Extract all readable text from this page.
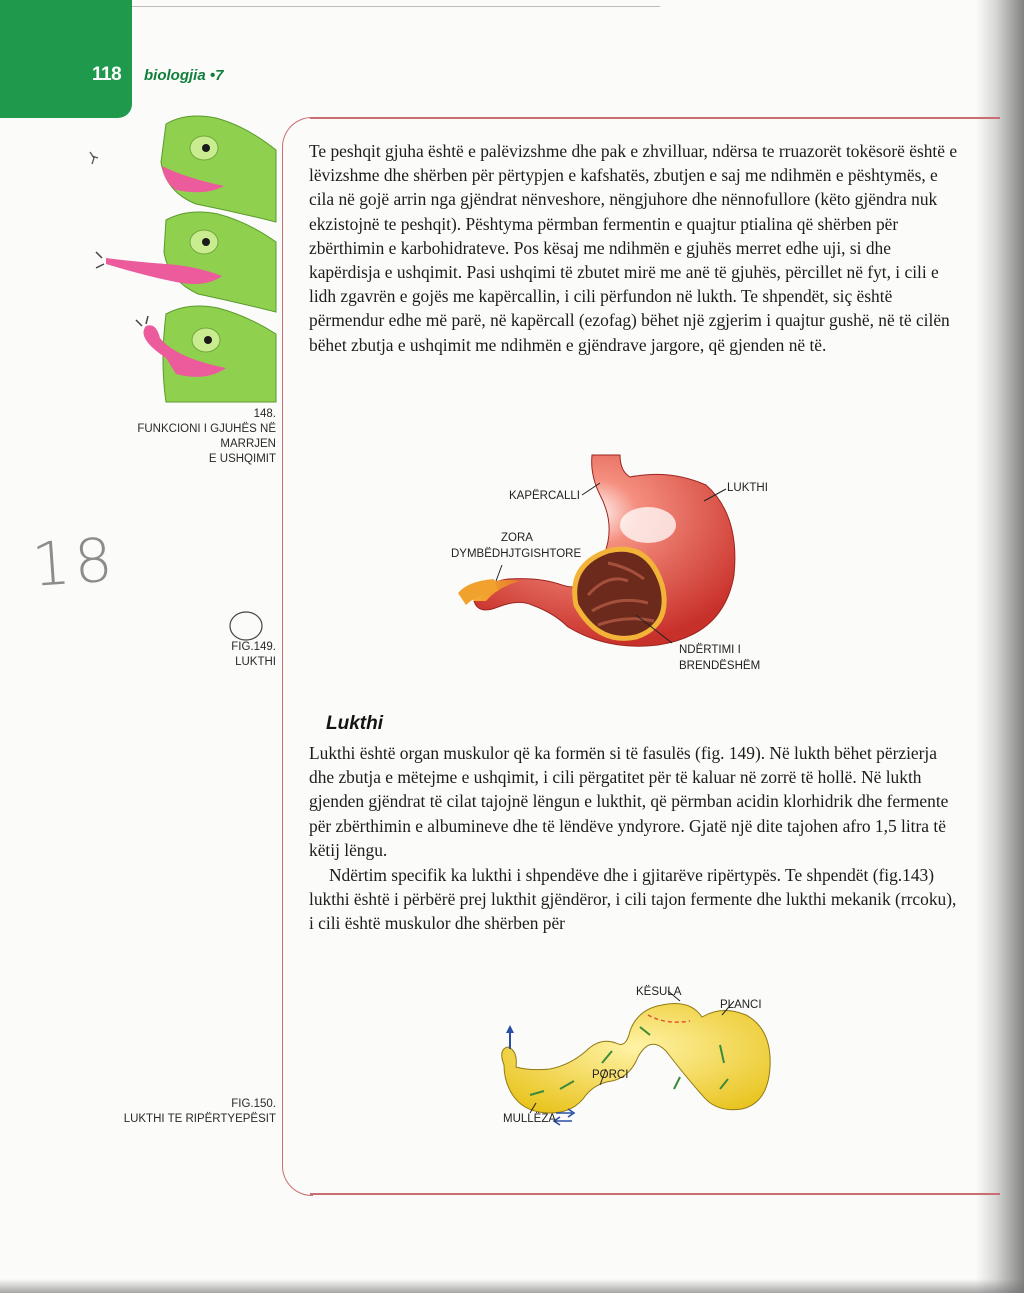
118 biologjia •7
148.
FUNKCIONI I GJUHËS NË
MARRJEN
E USHQIMIT
18
FIG.149.
LUKTHI
FIG.150.
LUKTHI TE RIPËRTYEPËSIT

Te peshqit gjuha është e palëvizshme dhe pak e zhvilluar, ndërsa te rruazorët tokësorë është e lëvizshme dhe shërben për përtypjen e kafshatës, zbutjen e saj me ndihmën e pështymës, e cila në gojë arrin nga gjëndrat nënveshore, nëngjuhore dhe nënnofullore (këto gjëndra nuk ekzistojnë te peshqit). Pështyma përmban fermentin e quajtur ptialina që shërben për zbërthimin e karbohidrateve. Pos kësaj me ndihmën e gjuhës merret edhe uji, si dhe kapërdisja e ushqimit. Pasi ushqimi të zbutet mirë me anë të gjuhës, përcillet në fyt, i cili e lidh zgavrën e gojës me kapërcallin, i cili përfundon në lukth. Te shpendët, siç është përmendur edhe më parë, në kapërcall (ezofag) bëhet një zgjerim i quajtur gushë, në të cilën bëhet zbutja e ushqimit me ndihmën e gjëndrave jargore, që gjenden në të.

KAPËRCALLI
LUKTHI
ZORA
DYMBËDHJTGISHTORE
NDËRTIMI I
BRENDËSHËM
Lukthi

Lukthi është organ muskulor që ka formën si të fasulës (fig. 149). Në lukth bëhet përzierja dhe zbutja e mëtejme e ushqimit, i cili përgatitet për të kaluar në zorrë të hollë. Në lukth gjenden gjëndrat të cilat tajojnë lëngun e lukthit, që përmban acidin klorhidrik dhe fermente për zbërthimin e albumineve dhe të lëndëve yndyrore. Gjatë një dite tajohen afro 1,5 litra të këtij lëngu.

Ndërtim specifik ka lukthi i shpendëve dhe i gjitarëve ripërtypës. Te shpendët (fig.143) lukthi është i përbërë prej lukthit gjëndëror, i cili tajon fermente dhe lukthi mekanik (rrcoku), i cili është muskulor dhe shërben për

KËSULA
PLANCI
PORCI
MULLËZA
